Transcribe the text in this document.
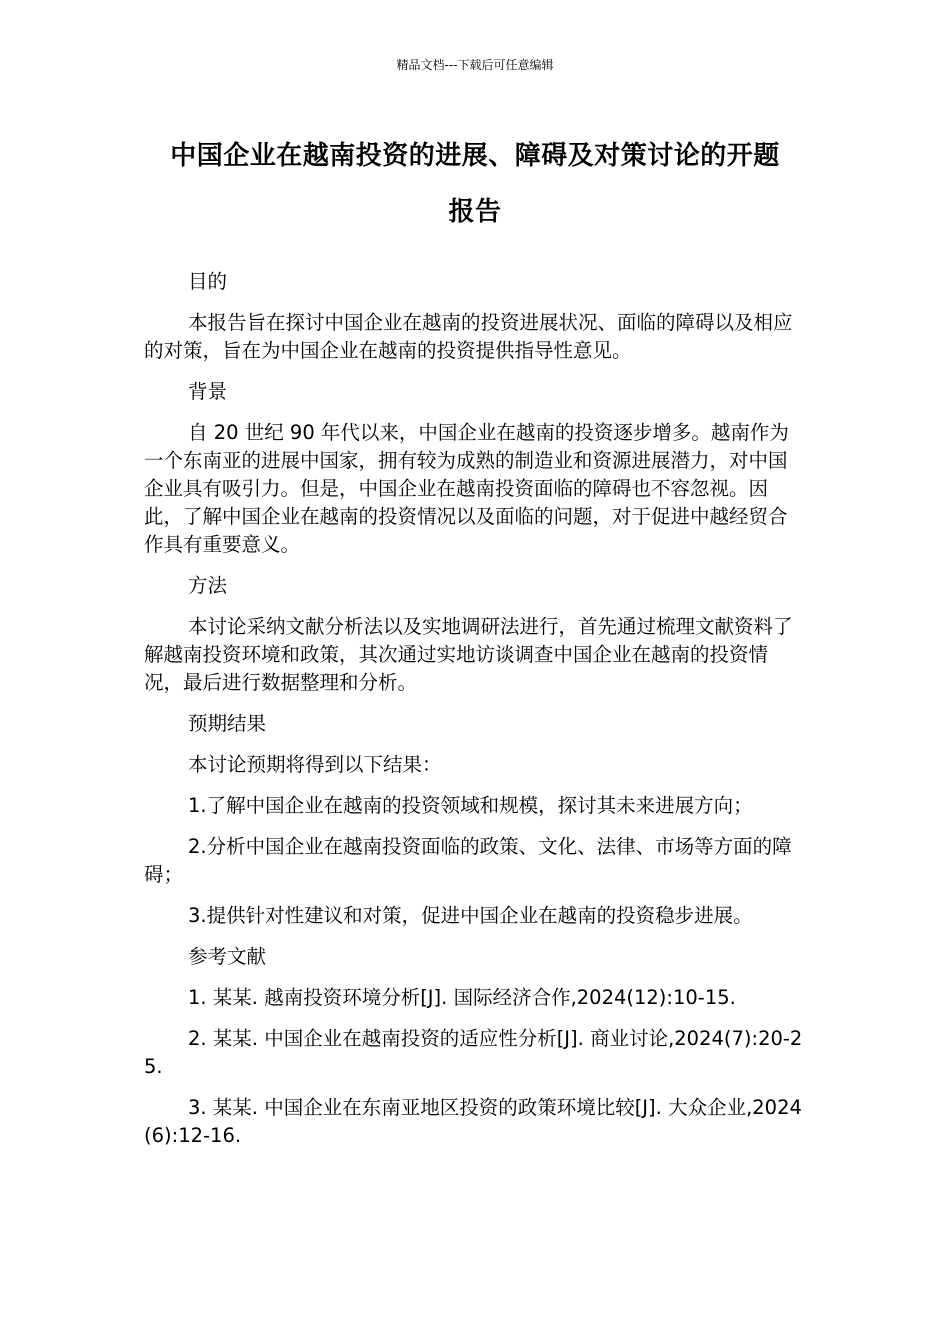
精品文档---下载后可任意编辑
中国企业在越南投资的进展、障碍及对策讨论的开题
报告

目的

本报告旨在探讨中国企业在越南的投资进展状况、面临的障碍以及相应的对策，旨在为中国企业在越南的投资提供指导性意见。

背景

自 20 世纪 90 年代以来，中国企业在越南的投资逐步增多。越南作为一个东南亚的进展中国家，拥有较为成熟的制造业和资源进展潜力，对中国企业具有吸引力。但是，中国企业在越南投资面临的障碍也不容忽视。因此，了解中国企业在越南的投资情况以及面临的问题，对于促进中越经贸合作具有重要意义。

方法

本讨论采纳文献分析法以及实地调研法进行，首先通过梳理文献资料了解越南投资环境和政策，其次通过实地访谈调查中国企业在越南的投资情况，最后进行数据整理和分析。

预期结果

本讨论预期将得到以下结果：

1.了解中国企业在越南的投资领域和规模，探讨其未来进展方向；

2.分析中国企业在越南投资面临的政策、文化、法律、市场等方面的障碍；

3.提供针对性建议和对策，促进中国企业在越南的投资稳步进展。

参考文献

1. 某某. 越南投资环境分析[J]. 国际经济合作,2024(12):10-15.

2. 某某. 中国企业在越南投资的适应性分析[J]. 商业讨论,2024(7):20-25.

3. 某某. 中国企业在东南亚地区投资的政策环境比较[J]. 大众企业,2024(6):12-16.
